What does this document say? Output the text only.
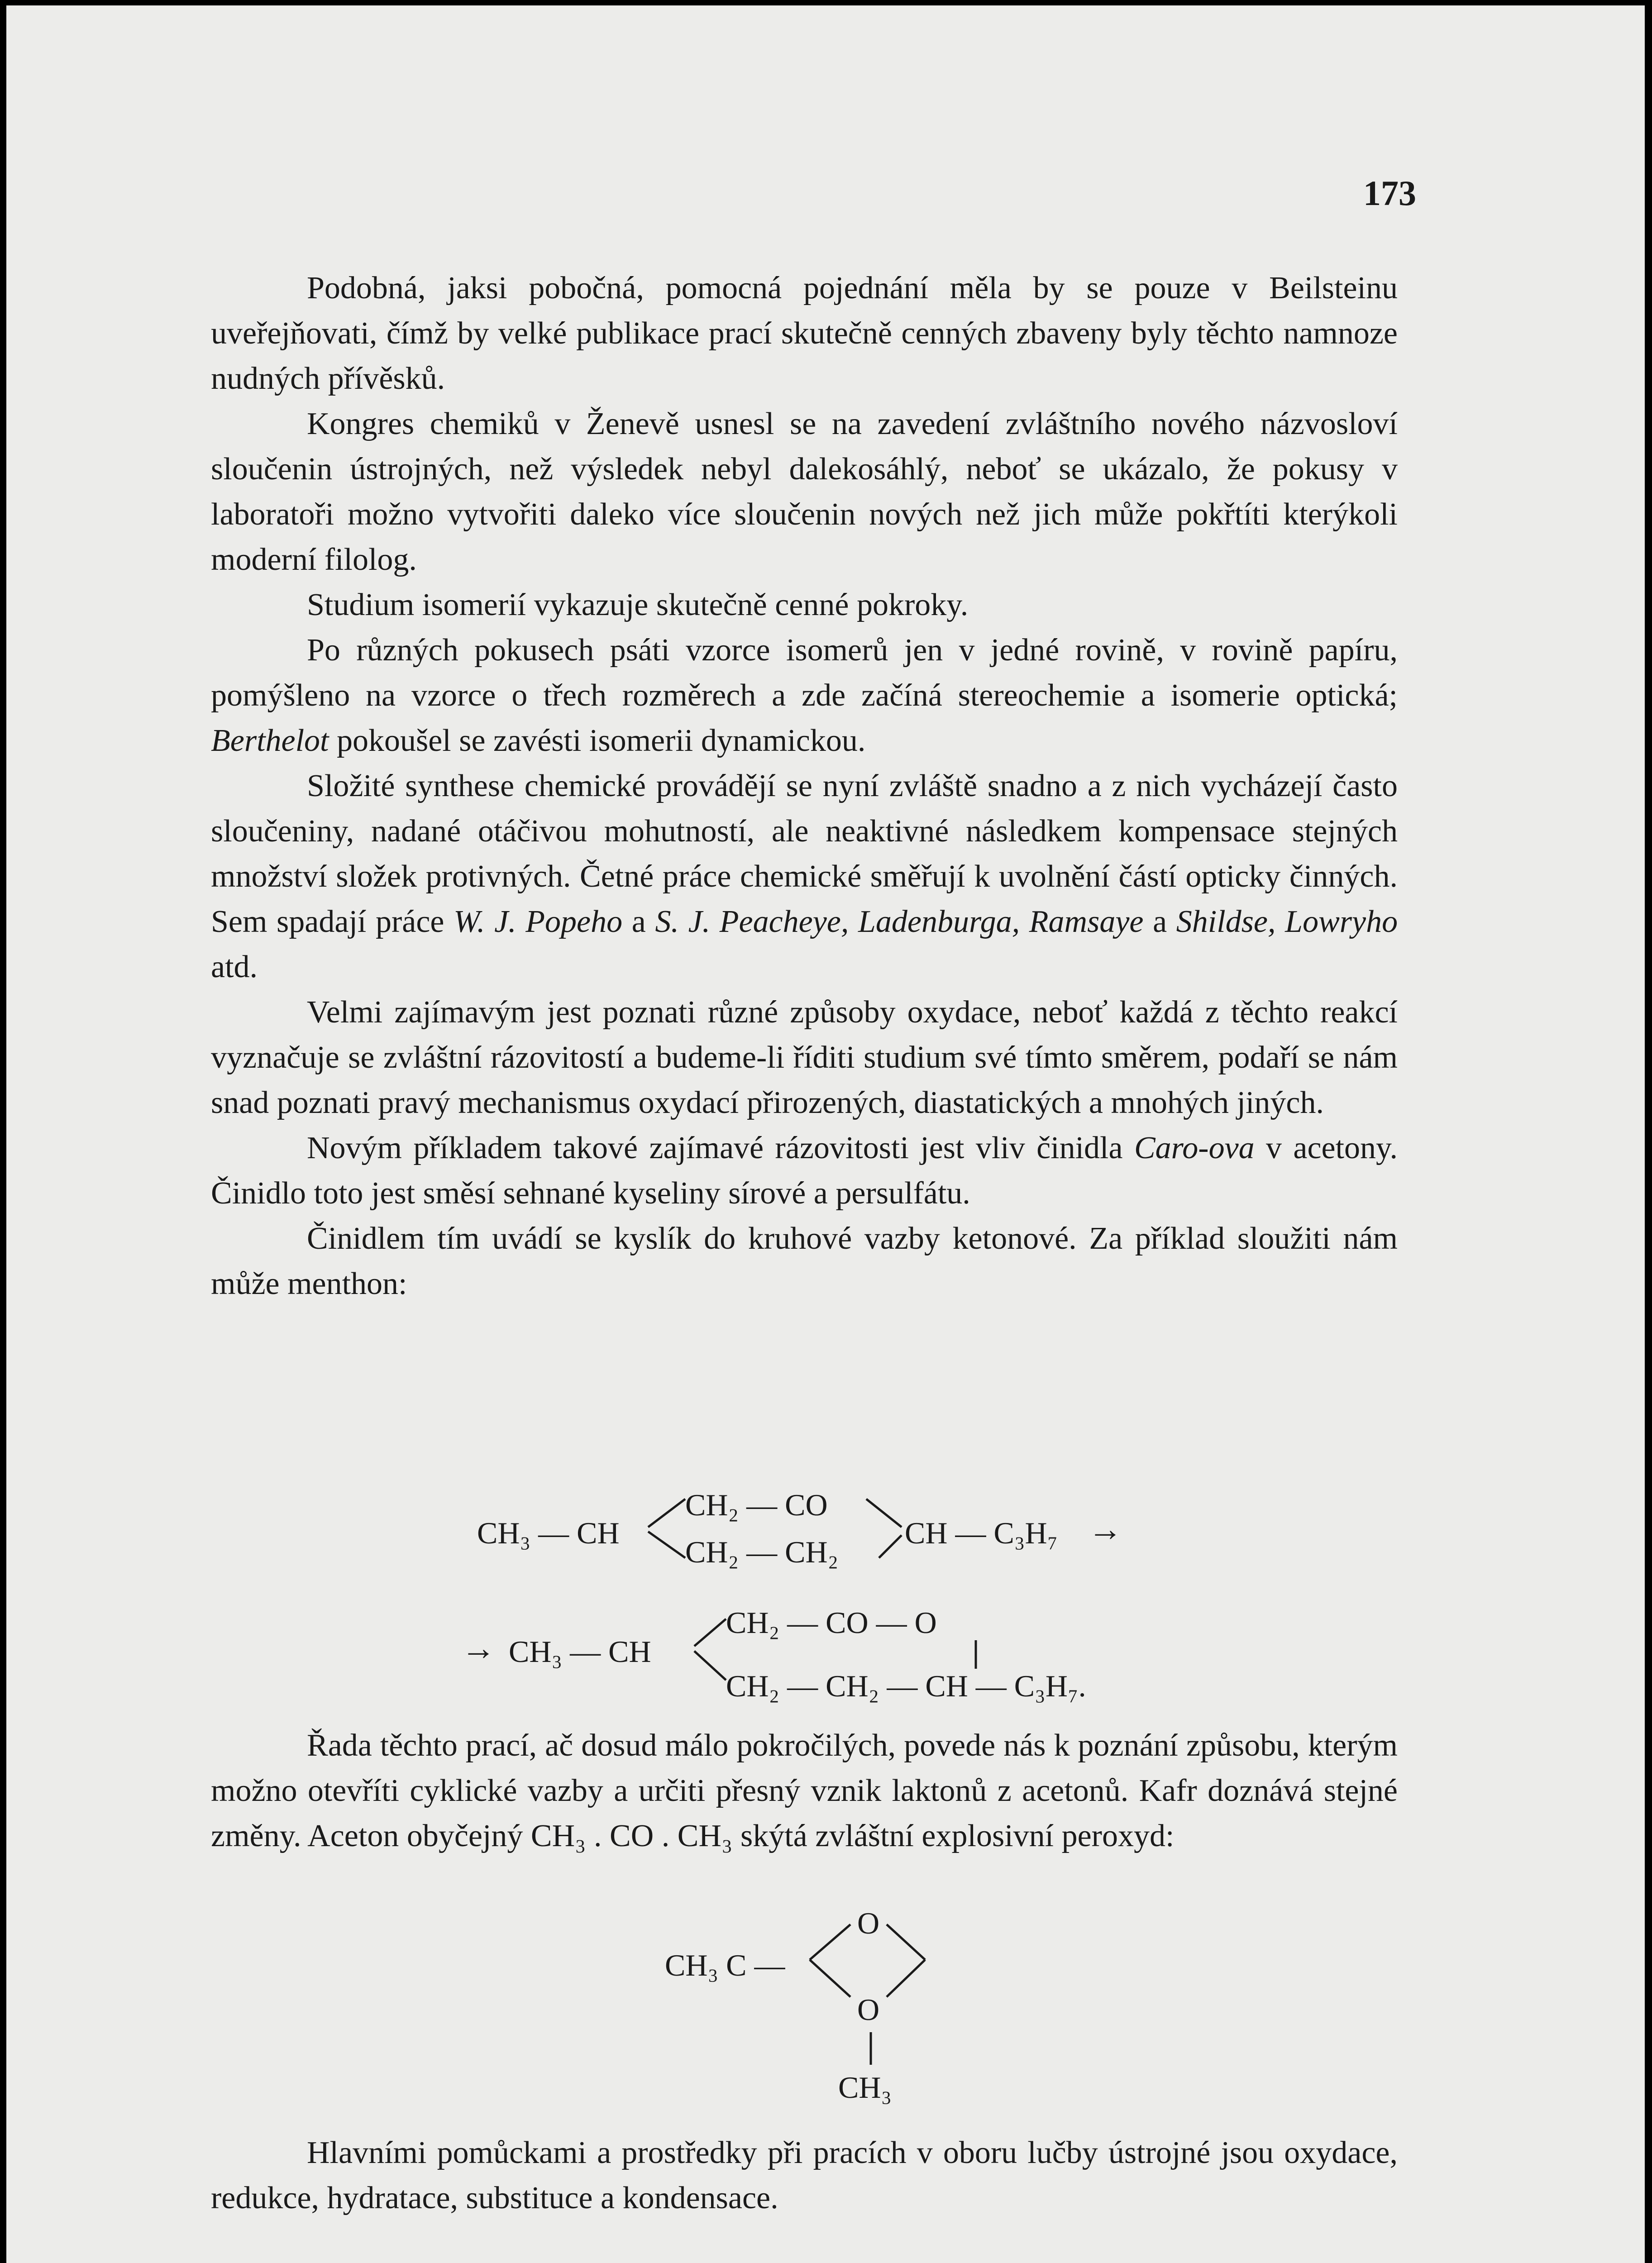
173

Podobná, jaksi pobočná, pomocná pojednání měla by se pouze v Beilsteinu uveřejňovati, čímž by velké publikace prací skutečně cenných zbaveny byly těchto namnoze nudných přívěsků.

Kongres chemiků v Ženevě usnesl se na zavedení zvláštního nového názvosloví sloučenin ústrojných, než výsledek nebyl dalekosáhlý, neboť se ukázalo, že pokusy v laboratoři možno vytvořiti daleko více sloučenin nových než jich může pokřtíti kterýkoli moderní filolog.

Studium isomerií vykazuje skutečně cenné pokroky.

Po různých pokusech psáti vzorce isomerů jen v jedné rovině, v rovině papíru, pomýšleno na vzorce o třech rozměrech a zde začíná stereochemie a isomerie optická; Berthelot pokoušel se zavésti isomerii dynamickou.

Složité synthese chemické provádějí se nyní zvláště snadno a z nich vycházejí často sloučeniny, nadané otáčivou mohutností, ale neaktivné následkem kompensace stejných množství složek protivných. Četné práce chemické směřují k uvolnění částí opticky činných. Sem spadají práce W. J. Popeho a S. J. Peacheye, Ladenburga, Ramsaye a Shildse, Lowryho atd.

Velmi zajímavým jest poznati různé způsoby oxydace, neboť každá z těchto reakcí vyznačuje se zvláštní rázovitostí a budeme-li říditi studium své tímto směrem, podaří se nám snad poznati pravý mechanismus oxydací přirozených, diastatických a mnohých jiných.

Novým příkladem takové zajímavé rázovitosti jest vliv činidla Caro-ova v acetony. Činidlo toto jest směsí sehnané kyseliny sírové a persulfátu.

Činidlem tím uvádí se kyslík do kruhové vazby ketonové. Za příklad sloužiti nám může menthon:

CH₃ — CH
CH₂ — CO
CH₂ — CH₂
CH — C₃H₇ →
→ CH₃ — CH
CH₂ — CO — O
CH₂ — CH₂ — CH — C₃H₇.

Řada těchto prací, ač dosud málo pokročilých, povede nás k poznání způsobu, kterým možno otevříti cyklické vazby a určiti přesný vznik laktonů z acetonů. Kafr doznává stejné změny. Aceton obyčejný CH₃ . CO . CH₃ skýtá zvláštní explosivní peroxyd:

CH₃ C —
O
O
CH₃

Hlavními pomůckami a prostředky při pracích v oboru lučby ústrojné jsou oxydace, redukce, hydratace, substituce a kondensace.
